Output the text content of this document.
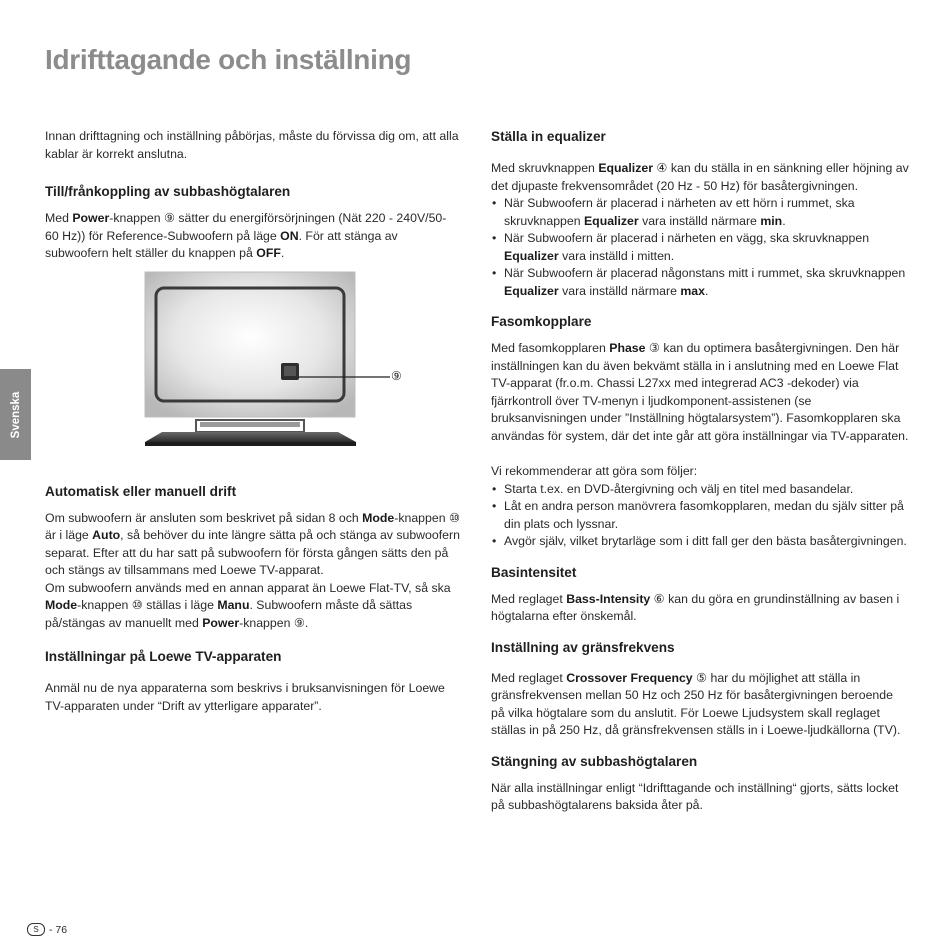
Idrifttagande och inställning
Svenska

Innan drifttagning och inställning påbörjas, måste du förvissa dig om, att alla kablar är korrekt anslutna.

Till/frånkoppling av subbashögtalaren

Med Power-knappen ⑨ sätter du energiförsörjningen (Nät 220 - 240V/50-60 Hz)) för Reference-Subwoofern på läge ON. För att stänga av subwoofern helt ställer du knappen på OFF.

Automatisk eller manuell drift

Om subwoofern är ansluten som beskrivet på sidan 8 och Mode-knappen ⑩ är i läge Auto, så behöver du inte längre sätta på och stänga av subwoofern separat. Efter att du har satt på subwoofern för första gången sätts den på och stängs av tillsammans med Loewe TV-apparat.
Om subwoofern används med en annan apparat än Loewe Flat-TV, så ska Mode-knappen ⑩ ställas i läge Manu. Subwoofern måste då sättas på/stängas av manuellt med Power-knappen ⑨.

Inställningar på Loewe TV-apparaten

Anmäl nu de nya apparaterna som beskrivs i bruksanvisningen för Loewe TV-apparaten under “Drift av ytterligare apparater”.

⑨
Ställa in equalizer

Med skruvknappen Equalizer ④ kan du ställa in en sänkning eller höjning av det djupaste frekvensområdet (20 Hz - 50 Hz) för basåtergivningen.

• När Subwoofern är placerad i närheten av ett hörn i rummet, ska skruvknappen Equalizer vara inställd närmare min.
• När Subwoofern är placerad i närheten en vägg, ska skruvknappen Equalizer vara inställd i mitten.
• När Subwoofern är placerad någonstans mitt i rummet, ska skruvknappen Equalizer vara inställd närmare max.
Fasomkopplare

Med fasomkopplaren Phase ③ kan du optimera basåtergivningen. Den här inställningen kan du även bekvämt ställa in i anslutning med en Loewe Flat TV-apparat (fr.o.m. Chassi L27xx med integrerad AC3 -dekoder) via fjärrkontroll över TV-menyn i ljudkomponent-assistenen (se bruksanvisningen under ”Inställning högtalarsystem”). Fasomkopplaren ska användas för system, där det inte går att göra inställningar via TV-apparaten.

Vi rekommenderar att göra som följer:

• Starta t.ex. en DVD-återgivning och välj en titel med basandelar.
• Låt en andra person manövrera fasomkopplaren, medan du själv sitter på din plats och lyssnar.
• Avgör själv, vilket brytarläge som i ditt fall ger den bästa basåtergivningen.
Basintensitet

Med reglaget Bass-Intensity ⑥ kan du göra en grundinställning av basen i högtalarna efter önskemål.

Inställning av gränsfrekvens

Med reglaget Crossover Frequency ⑤ har du möjlighet att ställa in gränsfrekvensen mellan 50 Hz och 250 Hz för basåtergivningen beroende på vilka högtalare som du anslutit. För Loewe Ljudsystem skall reglaget ställas in på 250 Hz, då gränsfrekvensen ställs in i Loewe-ljudkällorna (TV).

Stängning av subbashögtalaren

När alla inställningar enligt “Idrifttagande och inställning“ gjorts, sätts locket på subbashögtalarens baksida åter på.

S - 76
